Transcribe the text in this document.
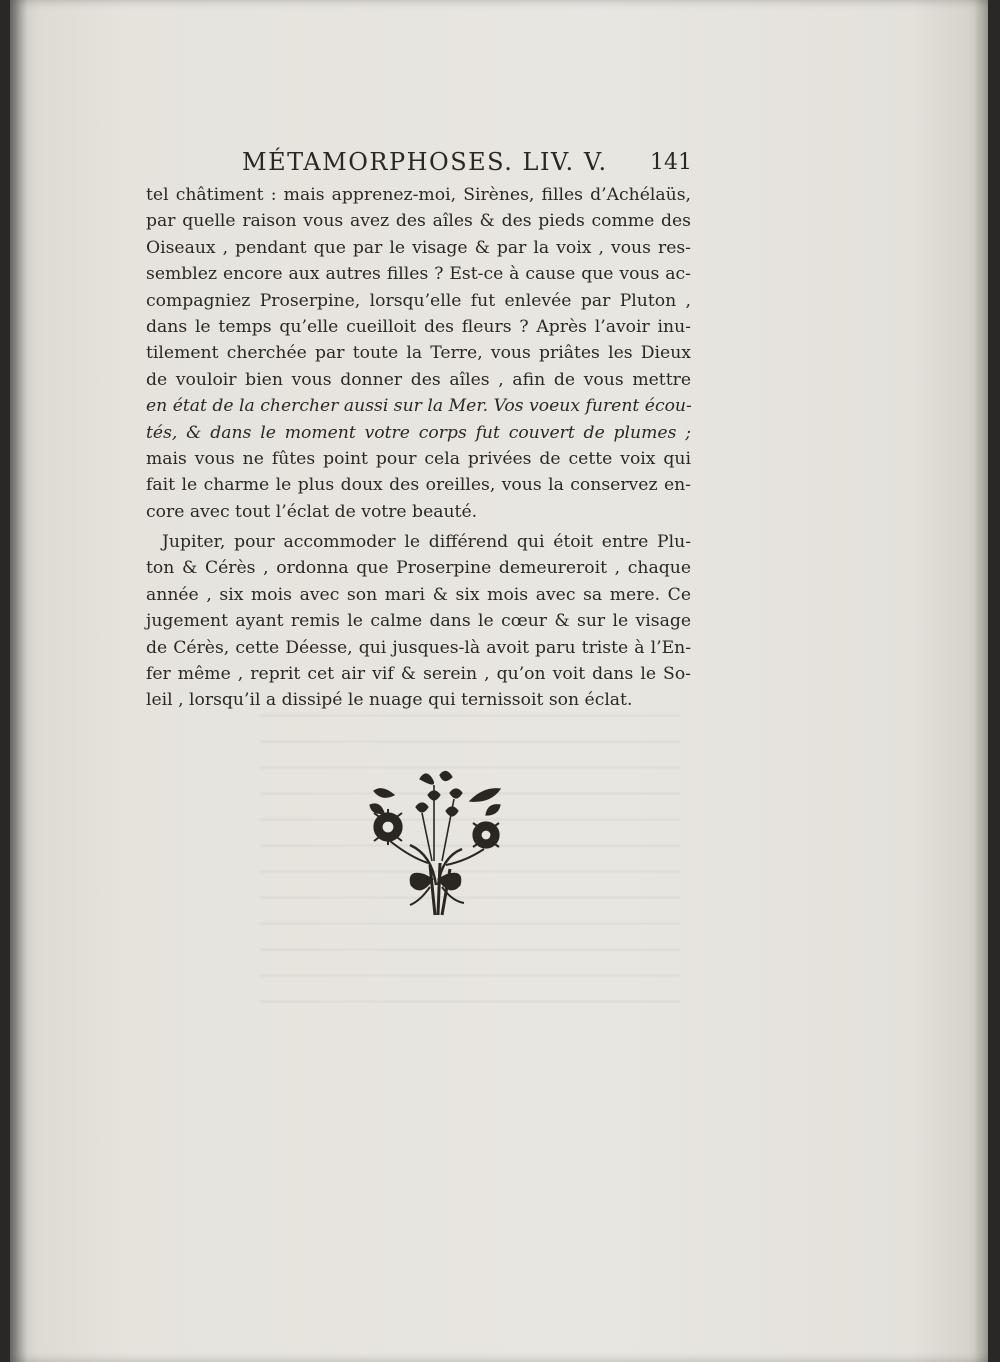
MÉTAMORPHOSES. LIV. V. 141
tel châtiment : mais apprenez-moi, Sirènes, filles d’Achélaüs,
par quelle raison vous avez des aîles & des pieds comme des
Oiseaux , pendant que par le visage & par la voix , vous res-
semblez encore aux autres filles ? Est-ce à cause que vous ac-
compagniez Proserpine, lorsqu’elle fut enlevée par Pluton ,
dans le temps qu’elle cueilloit des fleurs ? Après l’avoir inu-
tilement cherchée par toute la Terre, vous priâtes les Dieux
de vouloir bien vous donner des aîles , afin de vous mettre
en état de la chercher aussi sur la Mer. Vos voeux furent écou-
tés, & dans le moment votre corps fut couvert de plumes ;
mais vous ne fûtes point pour cela privées de cette voix qui
fait le charme le plus doux des oreilles, vous la conservez en-
core avec tout l’éclat de votre beauté.
Jupiter, pour accommoder le différend qui étoit entre Plu-
ton & Cérès , ordonna que Proserpine demeureroit , chaque
année , six mois avec son mari & six mois avec sa mere. Ce
jugement ayant remis le calme dans le cœur & sur le visage
de Cérès, cette Déesse, qui jusques-là avoit paru triste à l’En-
fer même , reprit cet air vif & serein , qu’on voit dans le So-
leil , lorsqu’il a dissipé le nuage qui ternissoit son éclat.
